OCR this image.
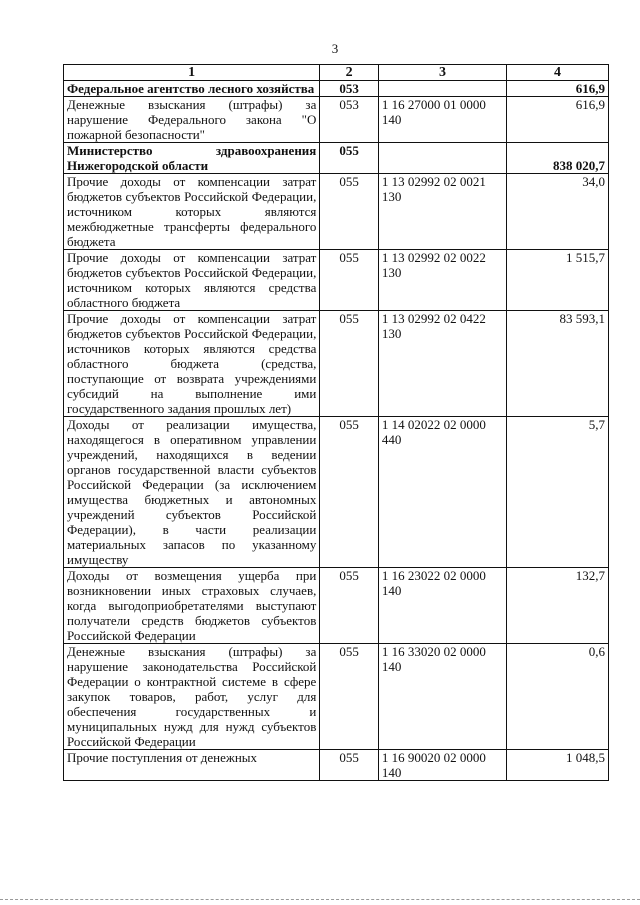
3
1	2	3	4
Федеральное агентство лесного хозяйства	053		616,9
Денежные взыскания (штрафы) за нарушение Федерального закона "О пожарной безопасности"	053	1 16 27000 01 0000 140	616,9
Министерство здравоохранения Нижегородской области	055		838 020,7
Прочие доходы от компенсации затрат бюджетов субъектов Российской Федерации, источником которых являются межбюджетные трансферты федерального бюджета	055	1 13 02992 02 0021 130	34,0
Прочие доходы от компенсации затрат бюджетов субъектов Российской Федерации, источником которых являются средства областного бюджета	055	1 13 02992 02 0022 130	1 515,7
Прочие доходы от компенсации затрат бюджетов субъектов Российской Федерации, источников которых являются средства областного бюджета (средства, поступающие от возврата учреждениями субсидий на выполнение ими государственного задания прошлых лет)	055	1 13 02992 02 0422 130	83 593,1
Доходы от реализации имущества, находящегося в оперативном управлении учреждений, находящихся в ведении органов государственной власти субъектов Российской Федерации (за исключением имущества бюджетных и автономных учреждений субъектов Российской Федерации), в части реализации материальных запасов по указанному имуществу	055	1 14 02022 02 0000 440	5,7
Доходы от возмещения ущерба при возникновении иных страховых случаев, когда выгодоприобретателями выступают получатели средств бюджетов субъектов Российской Федерации	055	1 16 23022 02 0000 140	132,7
Денежные взыскания (штрафы) за нарушение законодательства Российской Федерации о контрактной системе в сфере закупок товаров, работ, услуг для обеспечения государственных и муниципальных нужд для нужд субъектов Российской Федерации	055	1 16 33020 02 0000 140	0,6
Прочие поступления от денежных	055	1 16 90020 02 0000 140	1 048,5
